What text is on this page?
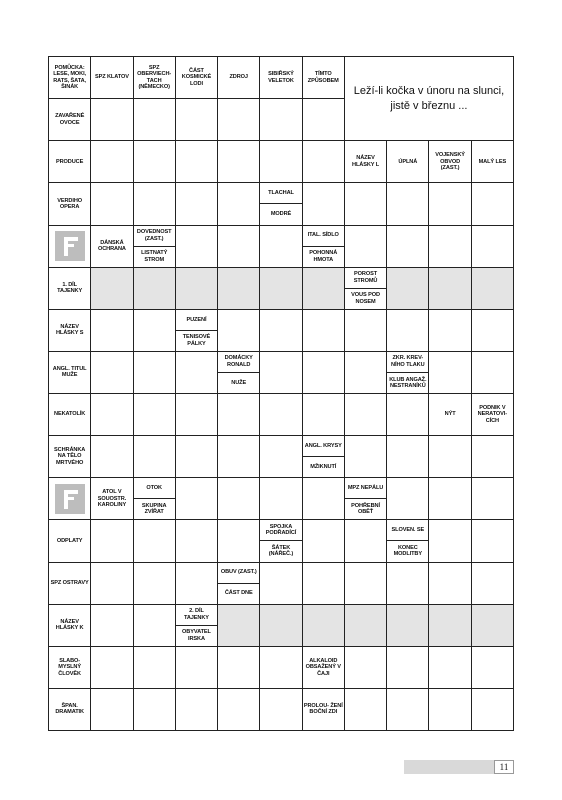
Leží-li kočka v únoru na slunci, jistě v březnu ...
POMŮCKA: LESE, MOKI, RATS, ŠATA, ŠINÁK
SPZ KLATOV
SPZ OBERVIECH- TACH (NĚMECKO)
ČÁST KOSMICKÉ LODI
ZDROJ
SIBIŘSKÝ VELETOK
TÍMTO ZPŮSOBEM
ZAVAŘENÉ OVOCE
PRODUCE
NÁZEV HLÁSKY L
ÚPLNÁ
VOJENSKÝ OBVOD (ZAST.)
MALÝ LES
VERDIHO OPERA
TLACHAL
MODRÉ
DÁNSKÁ OCHRANA
DOVEDNOST (ZAST.)
LISTNATÝ STROM
ITAL. SÍDLO
POHONNÁ HMOTA
1. DÍL TAJENKY
POROST STROMŮ
VOUS POD NOSEM
NÁZEV HLÁSKY S
PUZENÍ
TENISOVÉ PÁLKY
ANGL. TITUL MUŽE
DOMÁCKY RONALD
NUŽE
ZKR. KREV- NÍHO TLAKU
KLUB ANGAŽ. NESTRANÍKŮ
NEKATOLÍK	NÝT
PODNIK V NERATOVI- CÍCH
SCHRÁNKA NA TĚLO MRTVÉHO
ANGL. KRYSY
MŽIKNUTÍ
ATOL V SOUOSTR. KAROLINY
OTOK
SKUPINA ZVÍŘAT
MPZ NEPÁLU
POHŘEBNÍ OBĚŤ
ODPLATY
SPOJKA PODŘADÍCÍ
ŠÁTEK (NÁŘEČ.)
SLOVEN. SE
KONEC MODLITBY
SPZ OSTRAVY
OBUV (ZAST.)
ČÁST DNE
NÁZEV HLÁSKY K
2. DÍL TAJENKY
OBYVATEL IRSKA
SLABO- MYSLNÝ ČLOVĚK
ALKALOID OBSAŽENÝ V ČAJI
ŠPAN. DRAMATIK
PROLOU- ŽENÍ BOČNÍ ZDI
11
